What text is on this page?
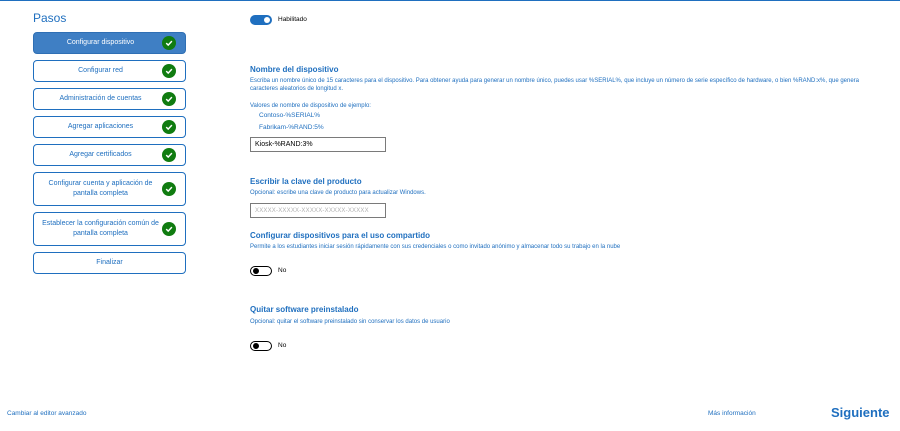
Pasos
Configurar dispositivo
Configurar red
Administración de cuentas
Agregar aplicaciones
Agregar certificados
Configurar cuenta y aplicación de pantalla completa
Establecer la configuración común de pantalla completa
Finalizar
Habilitado
Nombre del dispositivo
Escriba un nombre único de 15 caracteres para el dispositivo. Para obtener ayuda para generar un nombre único, puedes usar %SERIAL%, que incluye un número de serie específico de hardware, o bien %RAND:x%, que genera caracteres aleatorios de longitud x.
Valores de nombre de dispositivo de ejemplo:
Contoso-%SERIAL%
Fabrikam-%RAND:5%
Kiosk-%RAND:3%
Escribir la clave del producto
Opcional: escribe una clave de producto para actualizar Windows.
XXXXX-XXXXX-XXXXX-XXXXX-XXXXX
Configurar dispositivos para el uso compartido
Permite a los estudiantes iniciar sesión rápidamente con sus credenciales o como invitado anónimo y almacenar todo su trabajo en la nube
No
Quitar software preinstalado
Opcional: quitar el software preinstalado sin conservar los datos de usuario
No
Cambiar al editor avanzado	Más información	Siguiente
